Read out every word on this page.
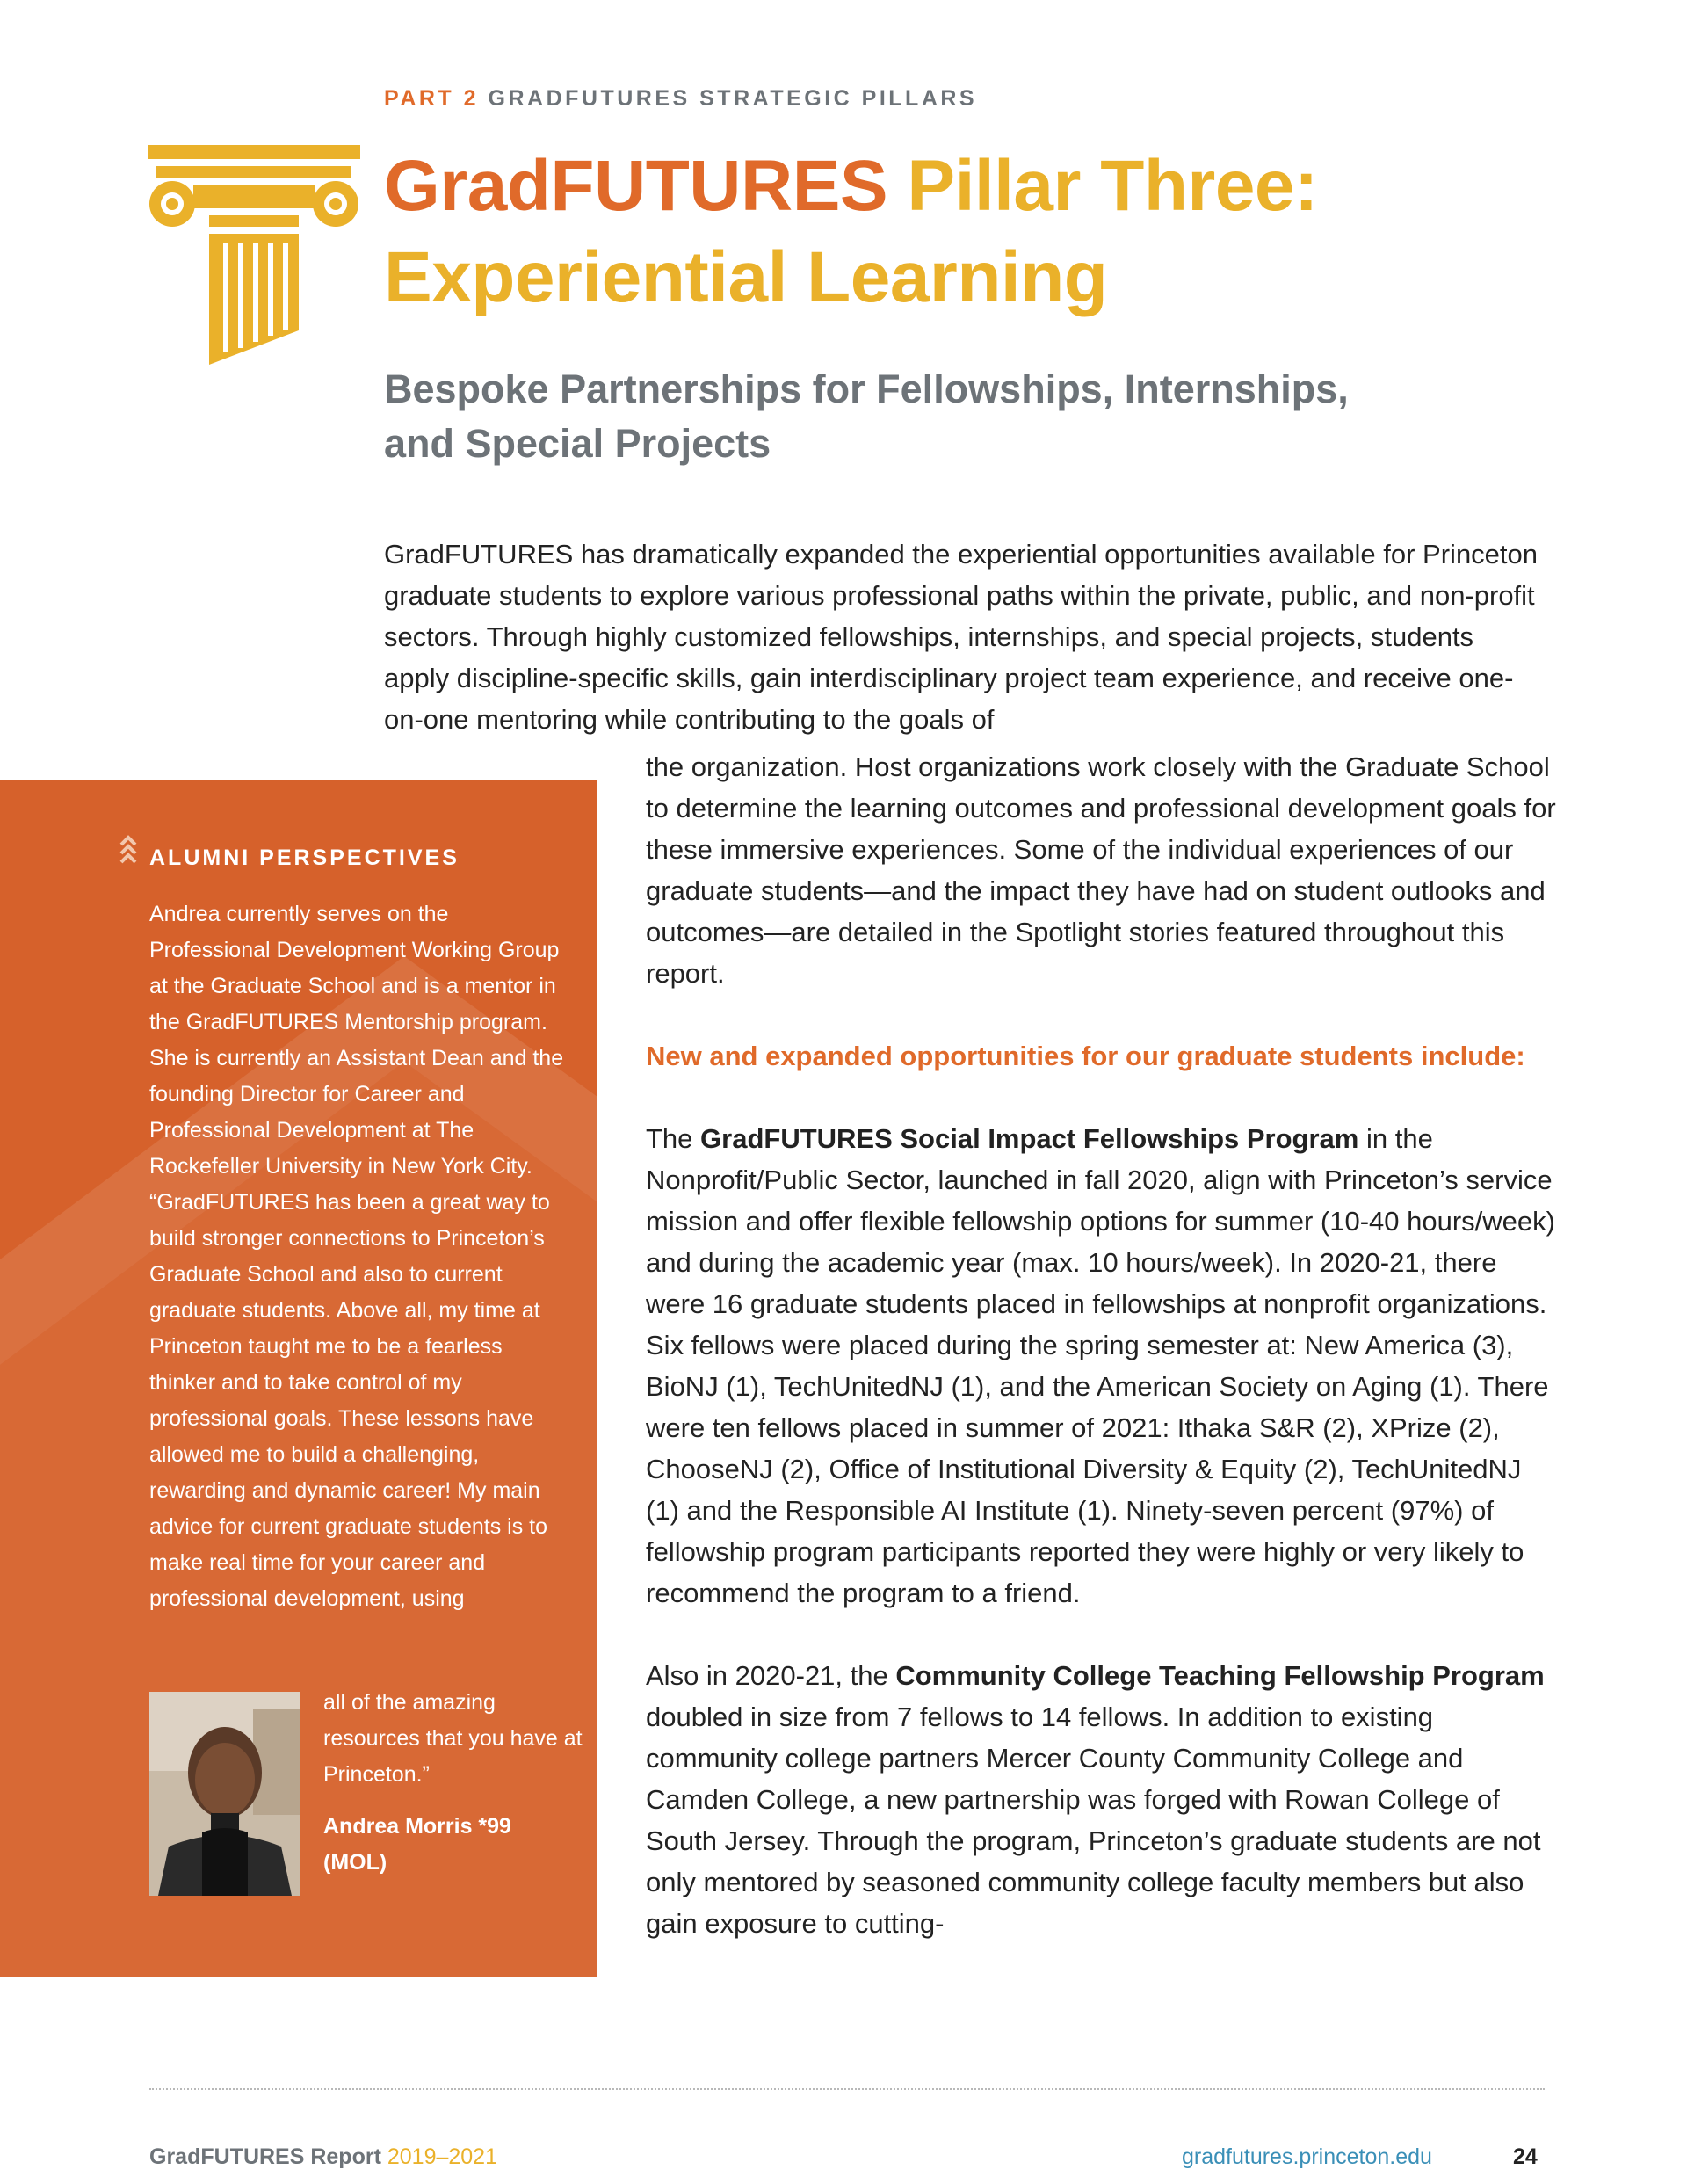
PART 2 GRADFUTURES STRATEGIC PILLARS
GradFUTURES Pillar Three:
Experiential Learning
Bespoke Partnerships for Fellowships, Internships,
and Special Projects
GradFUTURES has dramatically expanded the experiential opportunities available for Princeton graduate students to explore various professional paths within the private, public, and non-profit sectors. Through highly customized fellowships, internships, and special projects, students apply discipline-specific skills, gain interdisciplinary project team experience, and receive one-on-one mentoring while contributing to the goals of
ALUMNI PERSPECTIVES
Andrea currently serves on the Professional Development Working Group at the Graduate School and is a mentor in the GradFUTURES Mentorship program. She is currently an Assistant Dean and the founding Director for Career and Professional Development at The Rockefeller University in New York City. “GradFUTURES has been a great way to build stronger connections to Princeton’s Graduate School and also to current graduate students. Above all, my time at Princeton taught me to be a fearless thinker and to take control of my professional goals. These lessons have allowed me to build a challenging, rewarding and dynamic career! My main advice for current graduate students is to make real time for your career and professional development, using
all of the amazing resources that you have at Princeton.”
Andrea Morris *99
(MOL)

the organization. Host organizations work closely with the Graduate School to determine the learning outcomes and professional development goals for these immersive experiences. Some of the individual experiences of our graduate students—and the impact they have had on student outlooks and outcomes—are detailed in the Spotlight stories featured throughout this report.

New and expanded opportunities for our graduate students include:

The GradFUTURES Social Impact Fellowships Program in the Nonprofit/Public Sector, launched in fall 2020, align with Princeton’s service mission and offer flexible fellowship options for summer (10-40 hours/week) and during the academic year (max. 10 hours/week). In 2020-21, there were 16 graduate students placed in fellowships at nonprofit organizations. Six fellows were placed during the spring semester at: New America (3), BioNJ (1), TechUnitedNJ (1), and the American Society on Aging (1). There were ten fellows placed in summer of 2021: Ithaka S&R (2), XPrize (2), ChooseNJ (2), Office of Institutional Diversity & Equity (2), TechUnitedNJ (1) and the Responsible AI Institute (1). Ninety-seven percent (97%) of fellowship program participants reported they were highly or very likely to recommend the program to a friend.

Also in 2020-21, the Community College Teaching Fellowship Program doubled in size from 7 fellows to 14 fellows. In addition to existing community college partners Mercer County Community College and Camden College, a new partnership was forged with Rowan College of South Jersey. Through the program, Princeton’s graduate students are not only mentored by seasoned community college faculty members but also gain exposure to cutting-

GradFUTURES Report 2019–2021	gradfutures.princeton.edu	24
